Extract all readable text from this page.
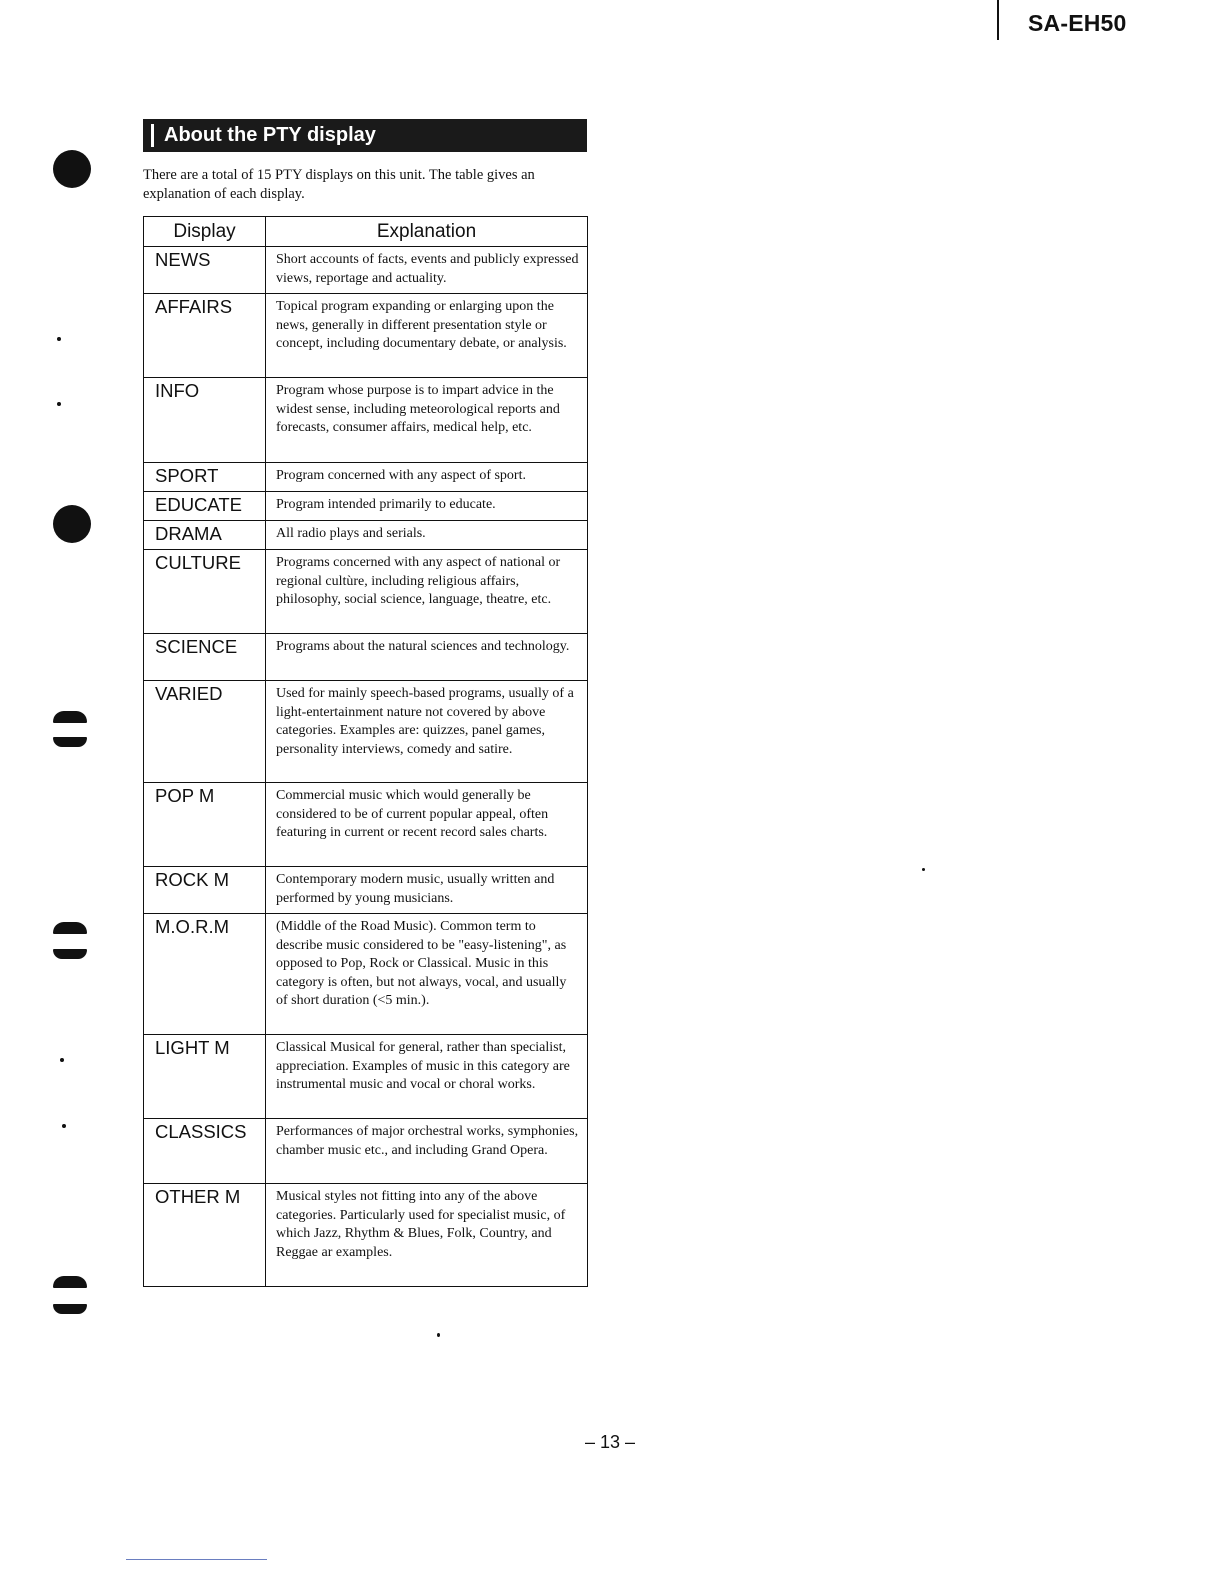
SA-EH50
About the PTY display
There are a total of 15 PTY displays on this unit. The table gives an explanation of each display.
Display	Explanation
NEWS	Short accounts of facts, events and publicly expressed views, reportage and actuality.
AFFAIRS	Topical program expanding or enlarging upon the news, generally in different presentation style or concept, including documentary debate, or analysis.
INFO	Program whose purpose is to impart advice in the widest sense, including meteorological reports and forecasts, consumer affairs, medical help, etc.
SPORT	Program concerned with any aspect of sport.
EDUCATE	Program intended primarily to educate.
DRAMA	All radio plays and serials.
CULTURE	Programs concerned with any aspect of national or regional cultùre, including religious affairs, philosophy, social science, language, theatre, etc.
SCIENCE	Programs about the natural sciences and technology.
VARIED	Used for mainly speech-based programs, usually of a light-entertainment nature not covered by above categories. Examples are: quizzes, panel games, personality interviews, comedy and satire.
POP M	Commercial music which would generally be considered to be of current popular appeal, often featuring in current or recent record sales charts.
ROCK M	Contemporary modern music, usually written and performed by young musicians.
M.O.R.M	(Middle of the Road Music). Common term to describe music considered to be "easy-listening", as opposed to Pop, Rock or Classical. Music in this category is often, but not always, vocal, and usually of short duration (<5 min.).
LIGHT M	Classical Musical for general, rather than specialist, appreciation. Examples of music in this category are instrumental music and vocal or choral works.
CLASSICS	Performances of major orchestral works, symphonies, chamber music etc., and including Grand Opera.
OTHER M	Musical styles not fitting into any of the above categories. Particularly used for specialist music, of which Jazz, Rhythm & Blues, Folk, Country, and Reggae ar examples.
– 13 –
